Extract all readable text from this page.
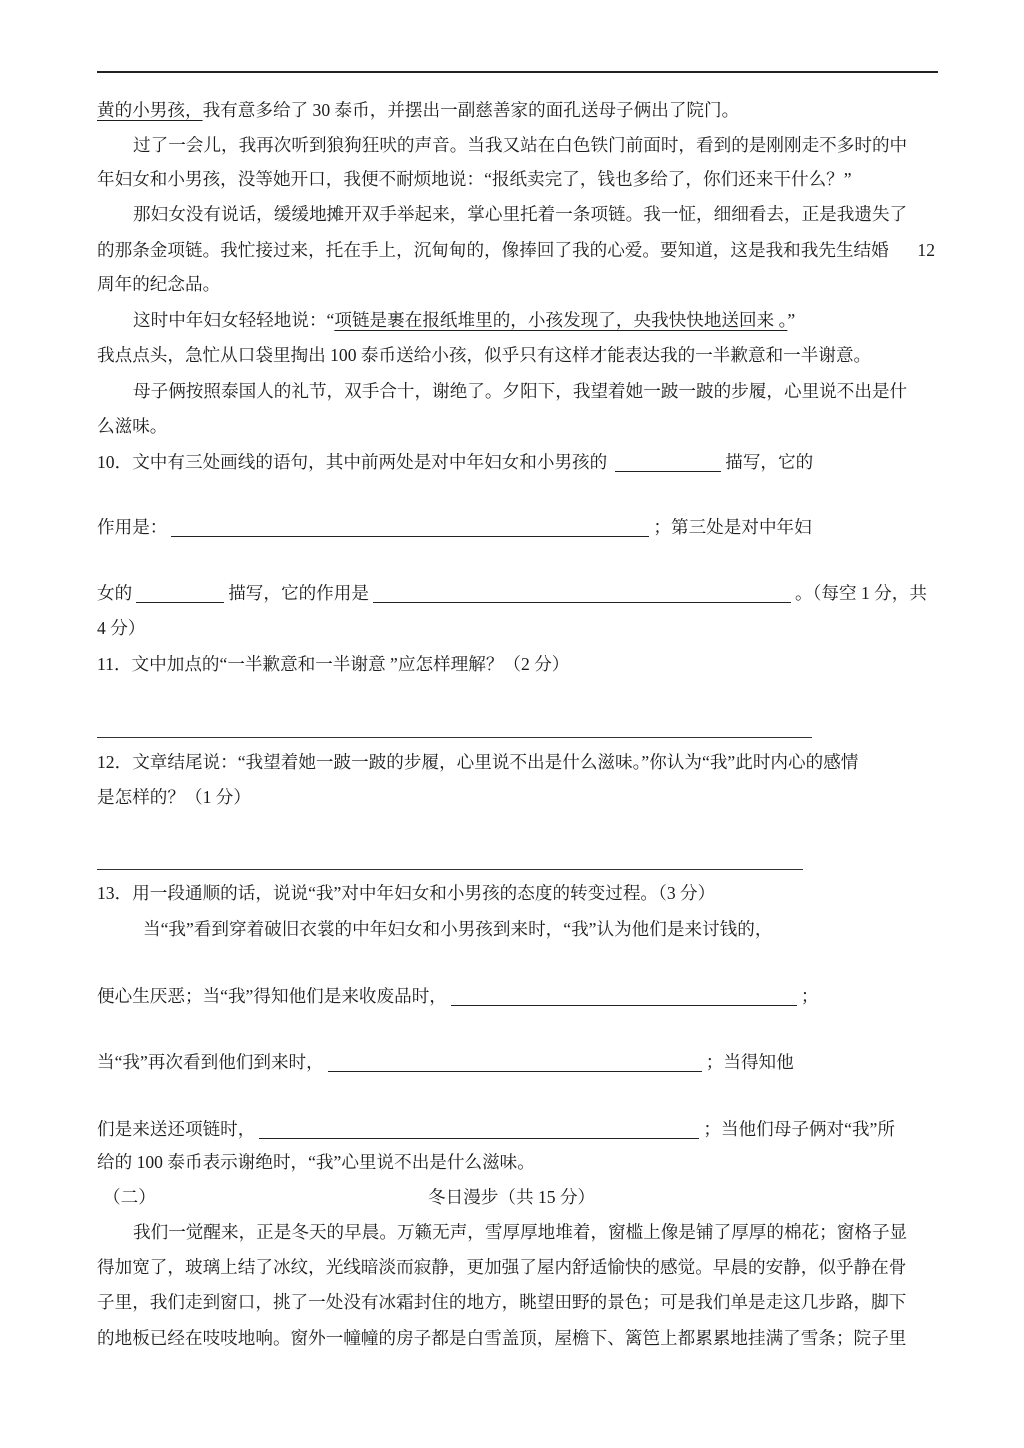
黄的小男孩，我有意多给了 30 泰币，并摆出一副慈善家的面孔送母子俩出了院门。
过了一会儿，我再次听到狼狗狂吠的声音。当我又站在白色铁门前面时，看到的是刚刚走不多时的中
年妇女和小男孩，没等她开口，我便不耐烦地说：“报纸卖完了，钱也多给了，你们还来干什么？”
那妇女没有说话，缓缓地摊开双手举起来，掌心里托着一条项链。我一怔，细细看去，正是我遗失了
的那条金项链。我忙接过来，托在手上，沉甸甸的，像捧回了我的心爱。要知道，这是我和我先生结婚 12
周年的纪念品。
这时中年妇女轻轻地说：“项链是裹在报纸堆里的，小孩发现了，央我快快地送回来 。”
我点点头，急忙从口袋里掏出 100 泰币送给小孩，似乎只有这样才能表达我的一半歉意和一半谢意。
母子俩按照泰国人的礼节，双手合十，谢绝了。夕阳下，我望着她一跛一跛的步履，心里说不出是什
么滋味。
10．文中有三处画线的语句，其中前两处是对中年妇女和小男孩的	描写，它的
作用是：	；第三处是对中年妇
女的	描写，它的作用是	。（每空 1 分，共
4 分）
11．文中加点的“一半歉意和一半谢意 ”应怎样理解？（2 分）
12．文章结尾说：“我望着她一跛一跛的步履，心里说不出是什么滋味。”你认为“我”此时内心的感情
是怎样的？（1 分）
13．用一段通顺的话，说说“我”对中年妇女和小男孩的态度的转变过程。（3 分）
当“我”看到穿着破旧衣裳的中年妇女和小男孩到来时，“我”认为他们是来讨钱的，
便心生厌恶；当“我”得知他们是来收废品时，	；
当“我”再次看到他们到来时，	；当得知他
们是来送还项链时，	；当他们母子俩对“我”所
给的 100 泰币表示谢绝时，“我”心里说不出是什么滋味。
（二）	冬日漫步（共 15 分）
我们一觉醒来，正是冬天的早晨。万籁无声，雪厚厚地堆着，窗槛上像是铺了厚厚的棉花；窗格子显
得加宽了，玻璃上结了冰纹，光线暗淡而寂静，更加强了屋内舒适愉快的感觉。早晨的安静，似乎静在骨
子里，我们走到窗口，挑了一处没有冰霜封住的地方，眺望田野的景色；可是我们单是走这几步路，脚下
的地板已经在吱吱地响。窗外一幢幢的房子都是白雪盖顶，屋檐下、篱笆上都累累地挂满了雪条；院子里
